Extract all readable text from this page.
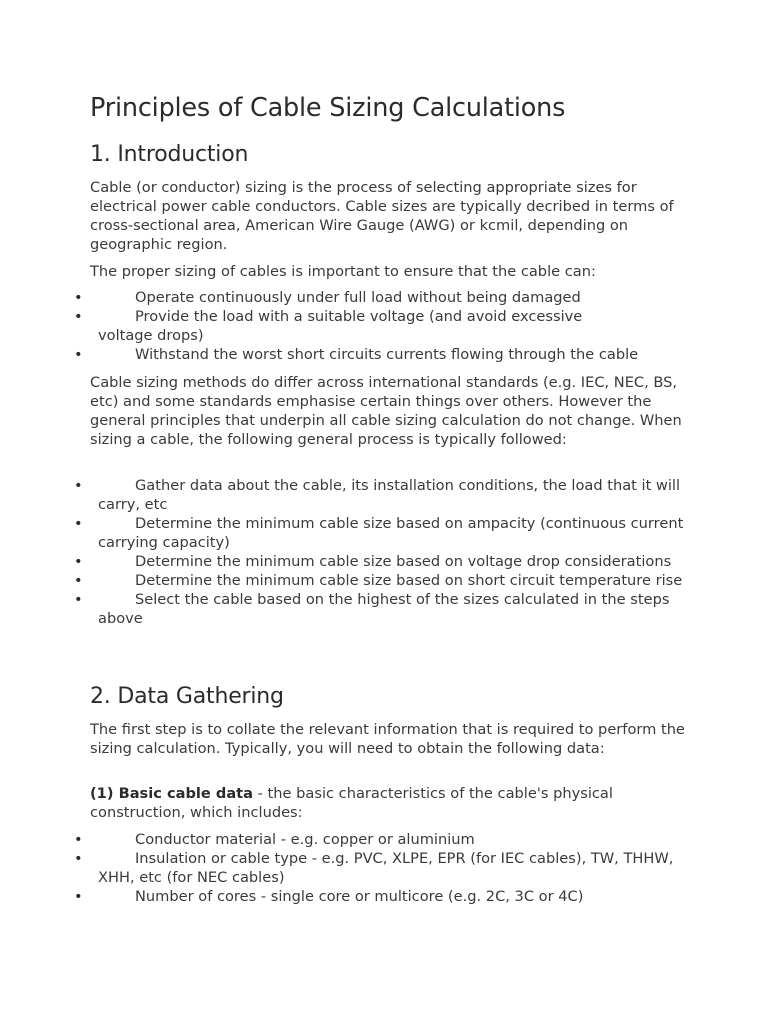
Principles of Cable Sizing Calculations
1. Introduction

Cable (or conductor) sizing is the process of selecting appropriate sizes for electrical power cable conductors. Cable sizes are typically decribed in terms of cross-sectional area, American Wire Gauge (AWG) or kcmil, depending on geographic region.

The proper sizing of cables is important to ensure that the cable can:

•	Operate continuously under full load without being damaged
•	Provide the load with a suitable voltage (and avoid excessive voltage drops)
•	Withstand the worst short circuits currents flowing through the cable

Cable sizing methods do differ across international standards (e.g. IEC, NEC, BS, etc) and some standards emphasise certain things over others. However the general principles that underpin all cable sizing calculation do not change. When sizing a cable, the following general process is typically followed:

•	Gather data about the cable, its installation conditions, the load that it will carry, etc
•	Determine the minimum cable size based on ampacity (continuous current carrying capacity)
•	Determine the minimum cable size based on voltage drop considerations
•	Determine the minimum cable size based on short circuit temperature rise
•	Select the cable based on the highest of the sizes calculated in the steps above
2. Data Gathering

The first step is to collate the relevant information that is required to perform the sizing calculation. Typically, you will need to obtain the following data:

(1) Basic cable data - the basic characteristics of the cable's physical construction, which includes:

•	Conductor material - e.g. copper or aluminium
•	Insulation or cable type - e.g. PVC, XLPE, EPR (for IEC cables), TW, THHW, XHH, etc (for NEC cables)
•	Number of cores - single core or multicore (e.g. 2C, 3C or 4C)
